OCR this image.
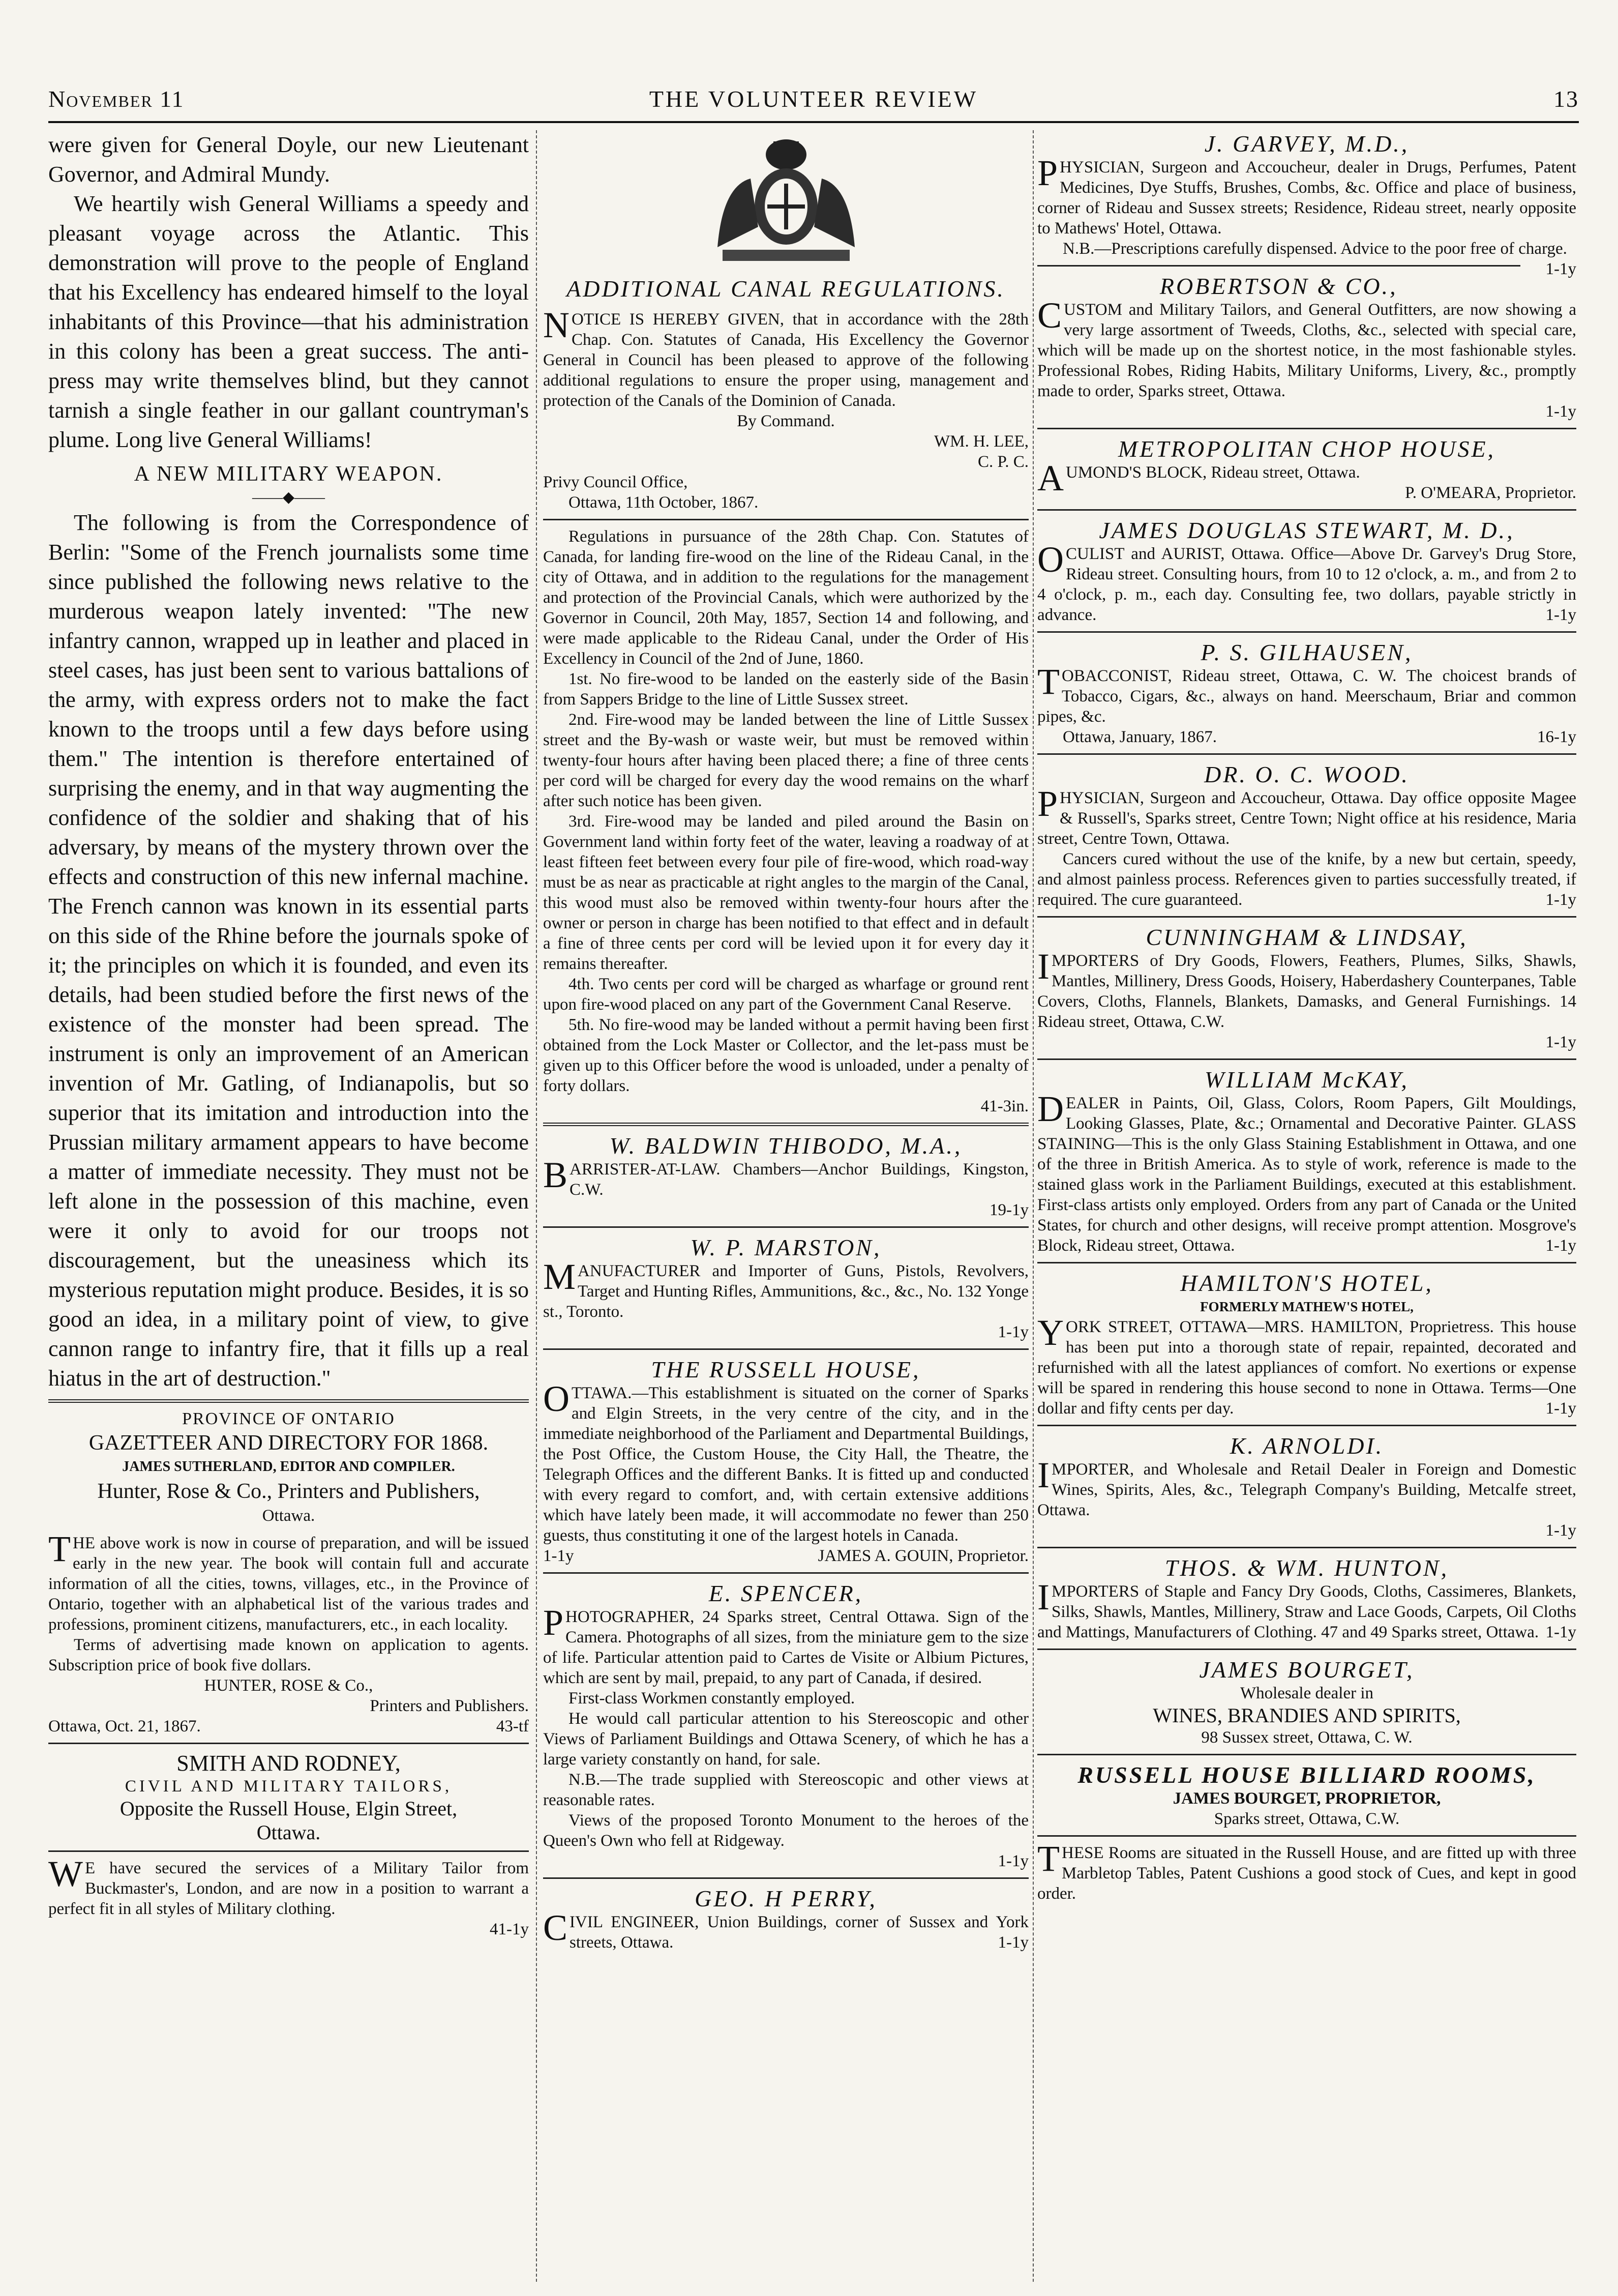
November 11	THE VOLUNTEER REVIEW	13

were given for General Doyle, our new Lieutenant Governor, and Admiral Mundy.

We heartily wish General Williams a speedy and pleasant voyage across the Atlantic. This demonstration will prove to the people of England that his Excellency has endeared himself to the loyal inhabitants of this Province—that his administration in this colony has been a great success. The anti-press may write themselves blind, but they cannot tarnish a single feather in our gallant countryman's plume. Long live General Williams!

A NEW MILITARY WEAPON.
——◆——

The following is from the Correspondence of Berlin: "Some of the French journalists some time since published the following news relative to the murderous weapon lately invented: "The new infantry cannon, wrapped up in leather and placed in steel cases, has just been sent to various battalions of the army, with express orders not to make the fact known to the troops until a few days before using them." The intention is therefore entertained of surprising the enemy, and in that way augmenting the confidence of the soldier and shaking that of his adversary, by means of the mystery thrown over the effects and construction of this new infernal machine. The French cannon was known in its essential parts on this side of the Rhine before the journals spoke of it; the principles on which it is founded, and even its details, had been studied before the first news of the existence of the monster had been spread. The instrument is only an improvement of an American invention of Mr. Gatling, of Indianapolis, but so superior that its imitation and introduction into the Prussian military armament appears to have become a matter of immediate necessity. They must not be left alone in the possession of this machine, even were it only to avoid for our troops not discouragement, but the uneasiness which its mysterious reputation might produce. Besides, it is so good an idea, in a military point of view, to give cannon range to infantry fire, that it fills up a real hiatus in the art of destruction."

PROVINCE OF ONTARIO

GAZETTEER AND DIRECTORY FOR 1868.

JAMES SUTHERLAND, EDITOR AND COMPILER.

Hunter, Rose & Co., Printers and Publishers,

Ottawa.

THE above work is now in course of preparation, and will be issued early in the new year. The book will contain full and accurate information of all the cities, towns, villages, etc., in the Province of Ontario, together with an alphabetical list of the various trades and professions, prominent citizens, manufacturers, etc., in each locality.

Terms of advertising made known on application to agents. Subscription price of book five dollars.

HUNTER, ROSE & Co.,

Printers and Publishers.

Ottawa, Oct. 21, 1867.	43-tf

SMITH AND RODNEY,

CIVIL AND MILITARY TAILORS,

Opposite the Russell House, Elgin Street,

Ottawa.

WE have secured the services of a Military Tailor from Buckmaster's, London, and are now in a position to warrant a perfect fit in all styles of Military clothing.

41-1y

ADDITIONAL CANAL REGULATIONS.

NOTICE IS HEREBY GIVEN, that in accordance with the 28th Chap. Con. Statutes of Canada, His Excellency the Governor General in Council has been pleased to approve of the following additional regulations to ensure the proper using, management and protection of the Canals of the Dominion of Canada.

By Command.

WM. H. LEE,

C. P. C.

Privy Council Office,

Ottawa, 11th October, 1867.

Regulations in pursuance of the 28th Chap. Con. Statutes of Canada, for landing fire-wood on the line of the Rideau Canal, in the city of Ottawa, and in addition to the regulations for the management and protection of the Provincial Canals, which were authorized by the Governor in Council, 20th May, 1857, Section 14 and following, and were made applicable to the Rideau Canal, under the Order of His Excellency in Council of the 2nd of June, 1860.

1st. No fire-wood to be landed on the easterly side of the Basin from Sappers Bridge to the line of Little Sussex street.

2nd. Fire-wood may be landed between the line of Little Sussex street and the By-wash or waste weir, but must be removed within twenty-four hours after having been placed there; a fine of three cents per cord will be charged for every day the wood remains on the wharf after such notice has been given.

3rd. Fire-wood may be landed and piled around the Basin on Government land within forty feet of the water, leaving a roadway of at least fifteen feet between every four pile of fire-wood, which road-way must be as near as practicable at right angles to the margin of the Canal, this wood must also be removed within twenty-four hours after the owner or person in charge has been notified to that effect and in default a fine of three cents per cord will be levied upon it for every day it remains thereafter.

4th. Two cents per cord will be charged as wharfage or ground rent upon fire-wood placed on any part of the Government Canal Reserve.

5th. No fire-wood may be landed without a permit having been first obtained from the Lock Master or Collector, and the let-pass must be given up to this Officer before the wood is unloaded, under a penalty of forty dollars.

41-3in.

W. BALDWIN THIBODO, M.A.,

BARRISTER-AT-LAW. Chambers—Anchor Buildings, Kingston, C.W.

19-1y

W. P. MARSTON,

MANUFACTURER and Importer of Guns, Pistols, Revolvers, Target and Hunting Rifles, Ammunitions, &c., &c., No. 132 Yonge st., Toronto.

1-1y

THE RUSSELL HOUSE,

OTTAWA.—This establishment is situated on the corner of Sparks and Elgin Streets, in the very centre of the city, and in the immediate neighborhood of the Parliament and Departmental Buildings, the Post Office, the Custom House, the City Hall, the Theatre, the Telegraph Offices and the different Banks. It is fitted up and conducted with every regard to comfort, and, with certain extensive additions which have lately been made, it will accommodate no fewer than 250 guests, thus constituting it one of the largest hotels in Canada.

1-1y	JAMES A. GOUIN, Proprietor.

E. SPENCER,

PHOTOGRAPHER, 24 Sparks street, Central Ottawa. Sign of the Camera. Photographs of all sizes, from the miniature gem to the size of life. Particular attention paid to Cartes de Visite or Albium Pictures, which are sent by mail, prepaid, to any part of Canada, if desired.

First-class Workmen constantly employed.

He would call particular attention to his Stereoscopic and other Views of Parliament Buildings and Ottawa Scenery, of which he has a large variety constantly on hand, for sale.

N.B.—The trade supplied with Stereoscopic and other views at reasonable rates.

Views of the proposed Toronto Monument to the heroes of the Queen's Own who fell at Ridgeway.

1-1y

GEO. H PERRY,

CIVIL ENGINEER, Union Buildings, corner of Sussex and York streets, Ottawa.	1-1y

J. GARVEY, M.D.,

PHYSICIAN, Surgeon and Accoucheur, dealer in Drugs, Perfumes, Patent Medicines, Dye Stuffs, Brushes, Combs, &c. Office and place of business, corner of Rideau and Sussex streets; Residence, Rideau street, nearly opposite to Mathews' Hotel, Ottawa.

N.B.—Prescriptions carefully dispensed. Advice to the poor free of charge.
1-1y

ROBERTSON & CO.,

CUSTOM and Military Tailors, and General Outfitters, are now showing a very large assortment of Tweeds, Cloths, &c., selected with special care, which will be made up on the shortest notice, in the most fashionable styles. Professional Robes, Riding Habits, Military Uniforms, Livery, &c., promptly made to order, Sparks street, Ottawa.

1-1y

METROPOLITAN CHOP HOUSE,

AUMOND'S BLOCK, Rideau street, Ottawa.

P. O'MEARA, Proprietor.

JAMES DOUGLAS STEWART, M. D.,

OCULIST and AURIST, Ottawa. Office—Above Dr. Garvey's Drug Store, Rideau street. Consulting hours, from 10 to 12 o'clock, a. m., and from 2 to 4 o'clock, p. m., each day. Consulting fee, two dollars, payable strictly in advance.	1-1y

P. S. GILHAUSEN,

TOBACCONIST, Rideau street, Ottawa, C. W. The choicest brands of Tobacco, Cigars, &c., always on hand. Meerschaum, Briar and common pipes, &c.

Ottawa, January, 1867.	16-1y

DR. O. C. WOOD.

PHYSICIAN, Surgeon and Accoucheur, Ottawa. Day office opposite Magee & Russell's, Sparks street, Centre Town; Night office at his residence, Maria street, Centre Town, Ottawa.

Cancers cured without the use of the knife, by a new but certain, speedy, and almost painless process. References given to parties successfully treated, if required. The cure guaranteed.	1-1y

CUNNINGHAM & LINDSAY,

IMPORTERS of Dry Goods, Flowers, Feathers, Plumes, Silks, Shawls, Mantles, Millinery, Dress Goods, Hoisery, Haberdashery Counterpanes, Table Covers, Cloths, Flannels, Blankets, Damasks, and General Furnishings. 14 Rideau street, Ottawa, C.W.

1-1y

WILLIAM McKAY,

DEALER in Paints, Oil, Glass, Colors, Room Papers, Gilt Mouldings, Looking Glasses, Plate, &c.; Ornamental and Decorative Painter. GLASS STAINING—This is the only Glass Staining Establishment in Ottawa, and one of the three in British America. As to style of work, reference is made to the stained glass work in the Parliament Buildings, executed at this establishment. First-class artists only employed. Orders from any part of Canada or the United States, for church and other designs, will receive prompt attention. Mosgrove's Block, Rideau street, Ottawa.	1-1y

HAMILTON'S HOTEL,

FORMERLY MATHEW'S HOTEL,

YORK STREET, OTTAWA—MRS. HAMILTON, Proprietress. This house has been put into a thorough state of repair, repainted, decorated and refurnished with all the latest appliances of comfort. No exertions or expense will be spared in rendering this house second to none in Ottawa. Terms—One dollar and fifty cents per day.	1-1y

K. ARNOLDI.

IMPORTER, and Wholesale and Retail Dealer in Foreign and Domestic Wines, Spirits, Ales, &c., Telegraph Company's Building, Metcalfe street, Ottawa.

1-1y

THOS. & WM. HUNTON,

IMPORTERS of Staple and Fancy Dry Goods, Cloths, Cassimeres, Blankets, Silks, Shawls, Mantles, Millinery, Straw and Lace Goods, Carpets, Oil Cloths and Mattings, Manufacturers of Clothing. 47 and 49 Sparks street, Ottawa. 1-1y

JAMES BOURGET,

Wholesale dealer in

WINES, BRANDIES AND SPIRITS,

98 Sussex street, Ottawa, C. W.

RUSSELL HOUSE BILLIARD ROOMS,

JAMES BOURGET, PROPRIETOR,

Sparks street, Ottawa, C.W.

THESE Rooms are situated in the Russell House, and are fitted up with three Marbletop Tables, Patent Cushions a good stock of Cues, and kept in good order.
